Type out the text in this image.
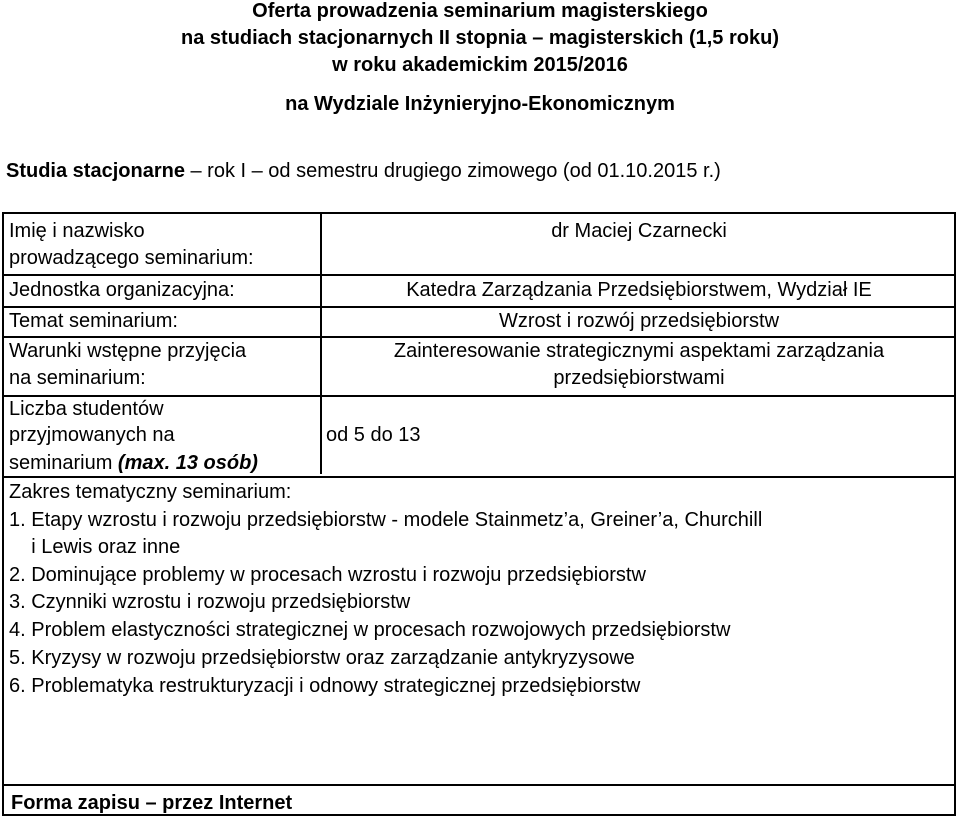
Oferta prowadzenia seminarium magisterskiego
na studiach stacjonarnych II stopnia – magisterskich (1,5 roku)
w roku akademickim 2015/2016
na Wydziale Inżynieryjno-Ekonomicznym
Studia stacjonarne – rok I – od semestru drugiego zimowego (od 01.10.2015 r.)
Imię i nazwisko
prowadzącego seminarium:
dr Maciej Czarnecki
Jednostka organizacyjna:	Katedra Zarządzania Przedsiębiorstwem, Wydział IE
Temat seminarium:	Wzrost i rozwój przedsiębiorstw
Warunki wstępne przyjęcia
na seminarium:
Zainteresowanie strategicznymi aspektami zarządzania
przedsiębiorstwami
Liczba studentów
przyjmowanych na
seminarium (max. 13 osób)
od 5 do 13
Zakres tematyczny seminarium:
1. Etapy wzrostu i rozwoju przedsiębiorstw - modele Stainmetz’a, Greiner’a, Churchill
i Lewis oraz inne
2. Dominujące problemy w procesach wzrostu i rozwoju przedsiębiorstw
3. Czynniki wzrostu i rozwoju przedsiębiorstw
4. Problem elastyczności strategicznej w procesach rozwojowych przedsiębiorstw
5. Kryzysy w rozwoju przedsiębiorstw oraz zarządzanie antykryzysowe
6. Problematyka restrukturyzacji i odnowy strategicznej przedsiębiorstw
Forma zapisu – przez Internet
